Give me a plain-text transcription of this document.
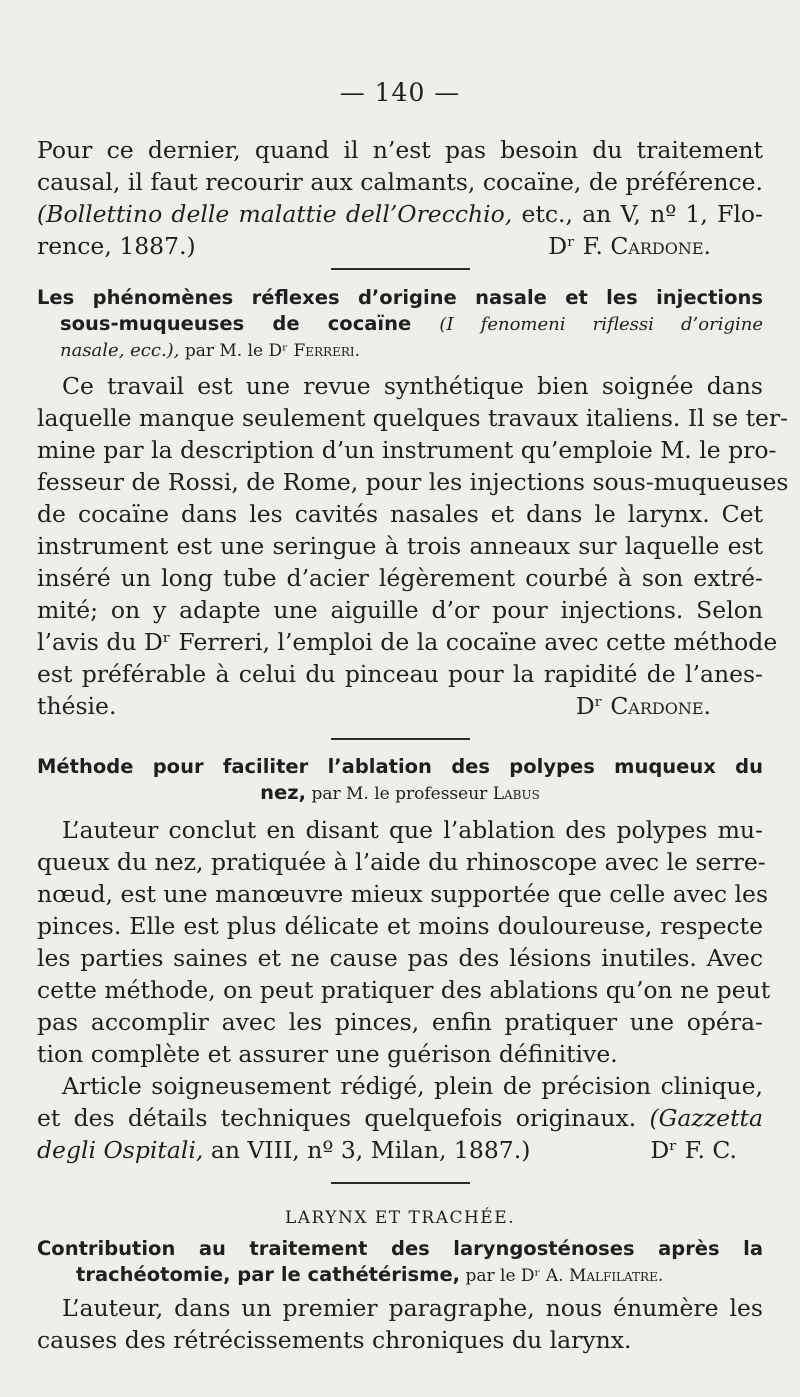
— 140 —
Pour ce dernier, quand il n’est pas besoin du traitement
causal, il faut recourir aux calmants, cocaïne, de préférence.
(Bollettino delle malattie dell’Orecchio, etc., an V, nº 1, Flo-
rence, 1887.)	Dʳ F. Cardone.
Les phénomènes réflexes d’origine nasale et les injections
sous-muqueuses de cocaïne (I fenomeni riflessi d’origine
nasale, ecc.), par M. le Dʳ Ferreri.
Ce travail est une revue synthétique bien soignée dans
laquelle manque seulement quelques travaux italiens. Il se ter-
mine par la description d’un instrument qu’emploie M. le pro-
fesseur de Rossi, de Rome, pour les injections sous-muqueuses
de cocaïne dans les cavités nasales et dans le larynx. Cet
instrument est une seringue à trois anneaux sur laquelle est
inséré un long tube d’acier légèrement courbé à son extré-
mité; on y adapte une aiguille d’or pour injections. Selon
l’avis du Dʳ Ferreri, l’emploi de la cocaïne avec cette méthode
est préférable à celui du pinceau pour la rapidité de l’anes-
thésie.	Dʳ Cardone.
Méthode pour faciliter l’ablation des polypes muqueux du
nez, par M. le professeur Labus
L’auteur conclut en disant que l’ablation des polypes mu-
queux du nez, pratiquée à l’aide du rhinoscope avec le serre-
nœud, est une manœuvre mieux supportée que celle avec les
pinces. Elle est plus délicate et moins douloureuse, respecte
les parties saines et ne cause pas des lésions inutiles. Avec
cette méthode, on peut pratiquer des ablations qu’on ne peut
pas accomplir avec les pinces, enfin pratiquer une opéra-
tion complète et assurer une guérison définitive.
Article soigneusement rédigé, plein de précision clinique,
et des détails techniques quelquefois originaux. (Gazzetta
degli Ospitali, an VIII, nº 3, Milan, 1887.)	Dʳ F. C.
LARYNX ET TRACHÉE.
Contribution au traitement des laryngosténoses après la
trachéotomie, par le cathétérisme, par le Dʳ A. Malfilatre.
L’auteur, dans un premier paragraphe, nous énumère les
causes des rétrécissements chroniques du larynx.
